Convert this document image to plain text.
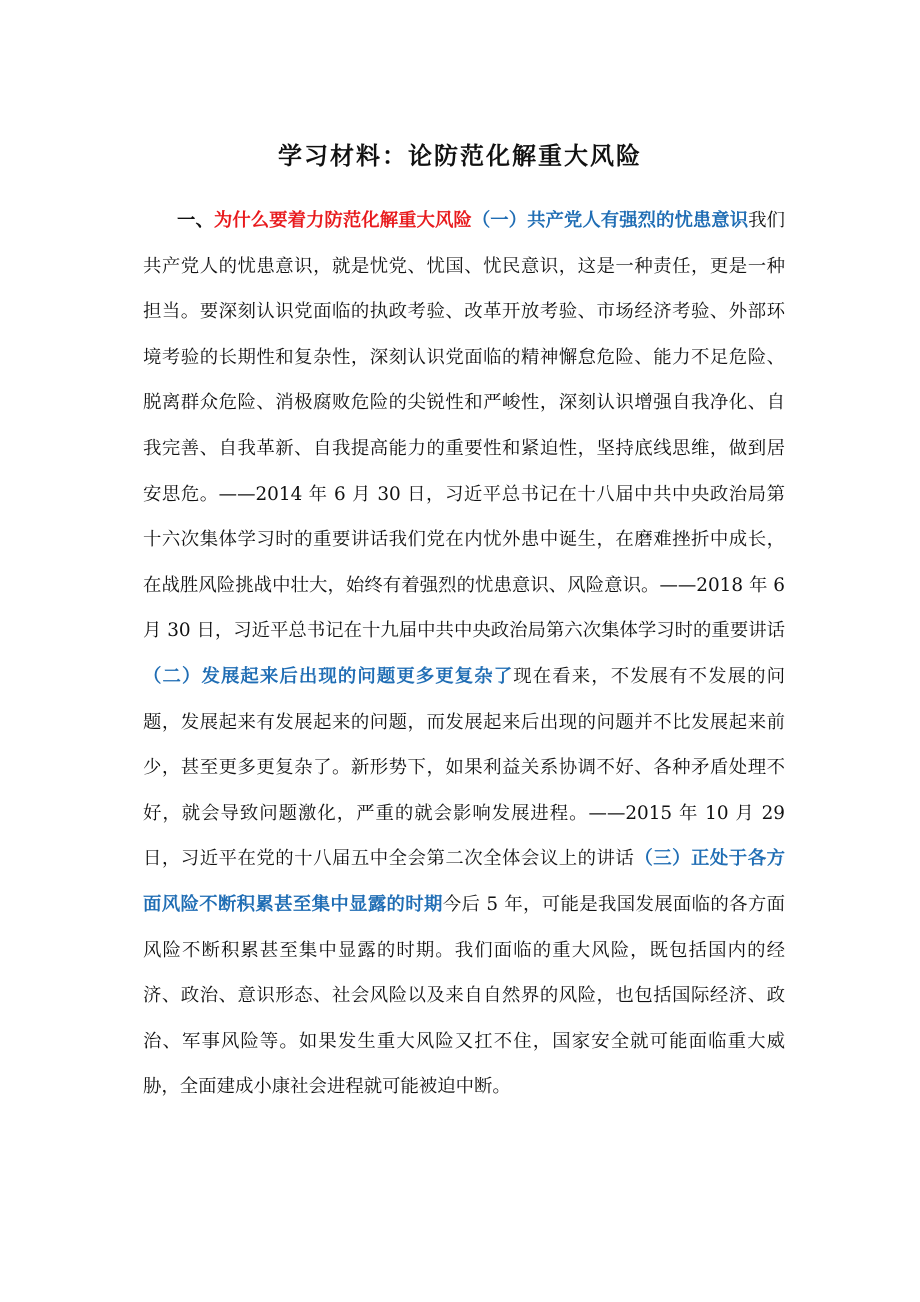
学习材料：论防范化解重大风险
一、为什么要着力防范化解重大风险（一）共产党人有强烈的忧患意识我们共产党人的忧患意识，就是忧党、忧国、忧民意识，这是一种责任，更是一种担当。要深刻认识党面临的执政考验、改革开放考验、市场经济考验、外部环境考验的长期性和复杂性，深刻认识党面临的精神懈怠危险、能力不足危险、脱离群众危险、消极腐败危险的尖锐性和严峻性，深刻认识增强自我净化、自我完善、自我革新、自我提高能力的重要性和紧迫性，坚持底线思维，做到居安思危。——2014 年 6 月 30 日，习近平总书记在十八届中共中央政治局第十六次集体学习时的重要讲话我们党在内忧外患中诞生，在磨难挫折中成长，在战胜风险挑战中壮大，始终有着强烈的忧患意识、风险意识。——2018 年 6 月 30 日，习近平总书记在十九届中共中央政治局第六次集体学习时的重要讲话（二）发展起来后出现的问题更多更复杂了现在看来，不发展有不发展的问题，发展起来有发展起来的问题，而发展起来后出现的问题并不比发展起来前少，甚至更多更复杂了。新形势下，如果利益关系协调不好、各种矛盾处理不好，就会导致问题激化，严重的就会影响发展进程。——2015 年 10 月 29 日，习近平在党的十八届五中全会第二次全体会议上的讲话（三）正处于各方面风险不断积累甚至集中显露的时期今后 5 年，可能是我国发展面临的各方面风险不断积累甚至集中显露的时期。我们面临的重大风险，既包括国内的经济、政治、意识形态、社会风险以及来自自然界的风险，也包括国际经济、政治、军事风险等。如果发生重大风险又扛不住，国家安全就可能面临重大威胁，全面建成小康社会进程就可能被迫中断。
